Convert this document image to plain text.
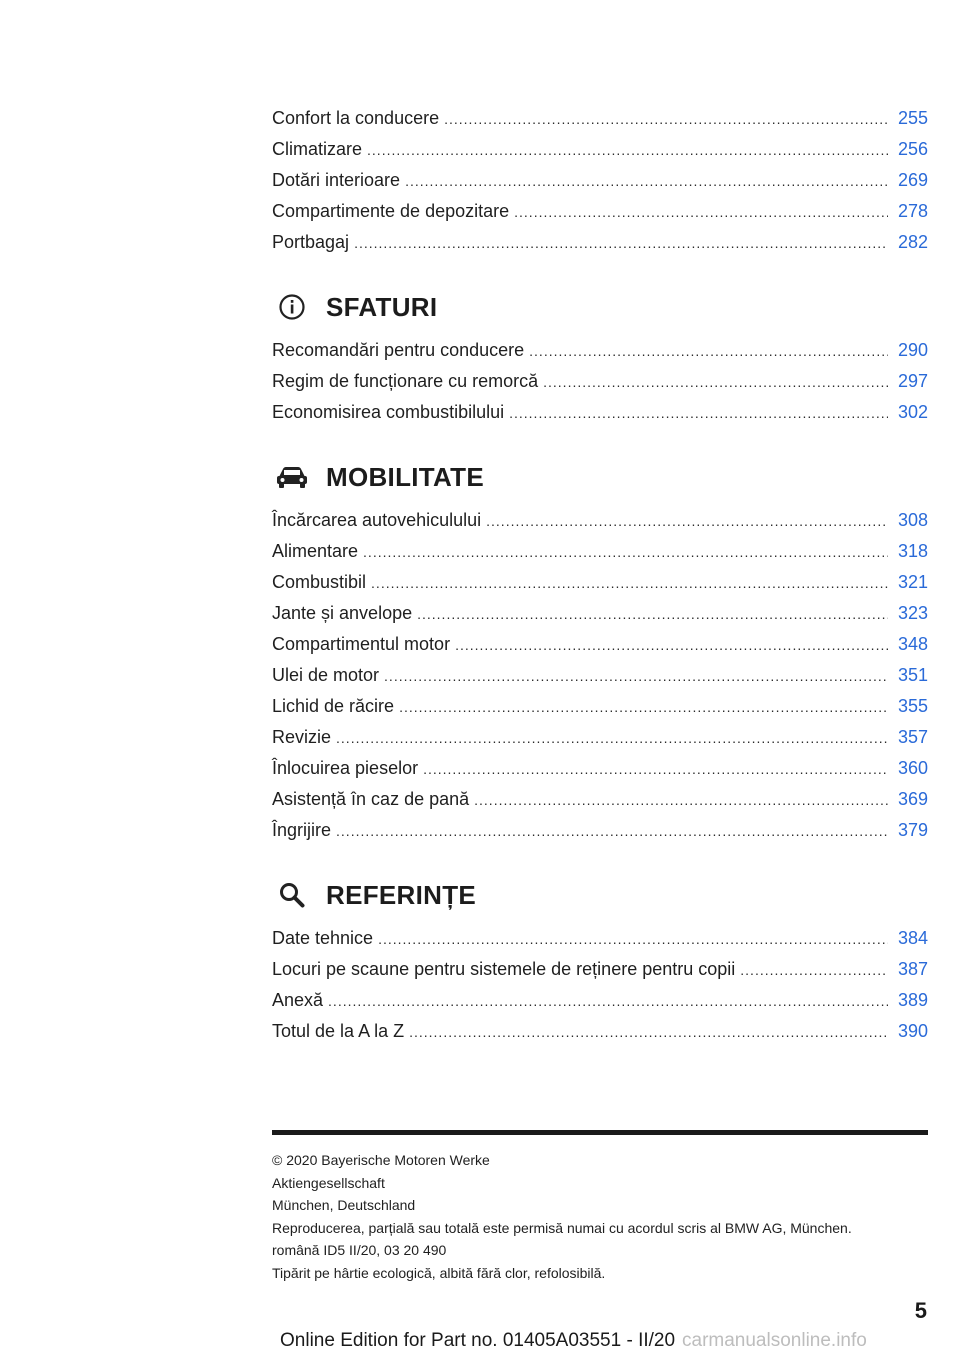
Confort la conducere .....	255
Climatizare .....	256
Dotări interioare .....	269
Compartimente de depozitare .....	278
Portbagaj .....	282
SFATURI
Recomandări pentru conducere .....	290
Regim de funcționare cu remorcă .....	297
Economisirea combustibilului .....	302
MOBILITATE
Încărcarea autovehiculului .....	308
Alimentare .....	318
Combustibil .....	321
Jante și anvelope .....	323
Compartimentul motor .....	348
Ulei de motor .....	351
Lichid de răcire .....	355
Revizie .....	357
Înlocuirea pieselor .....	360
Asistență în caz de pană .....	369
Îngrijire .....	379
REFERINȚE
Date tehnice .....	384
Locuri pe scaune pentru sistemele de reținere pentru copii .....	387
Anexă .....	389
Totul de la A la Z .....	390
© 2020 Bayerische Motoren Werke
Aktiengesellschaft
München, Deutschland
Reproducerea, parțială sau totală este permisă numai cu acordul scris al BMW AG, München.
română ID5 II/20, 03 20 490
Tipărit pe hârtie ecologică, albită fără clor, refolosibilă.
5
Online Edition for Part no. 01405A03551 - II/20 carmanualsonline.info
